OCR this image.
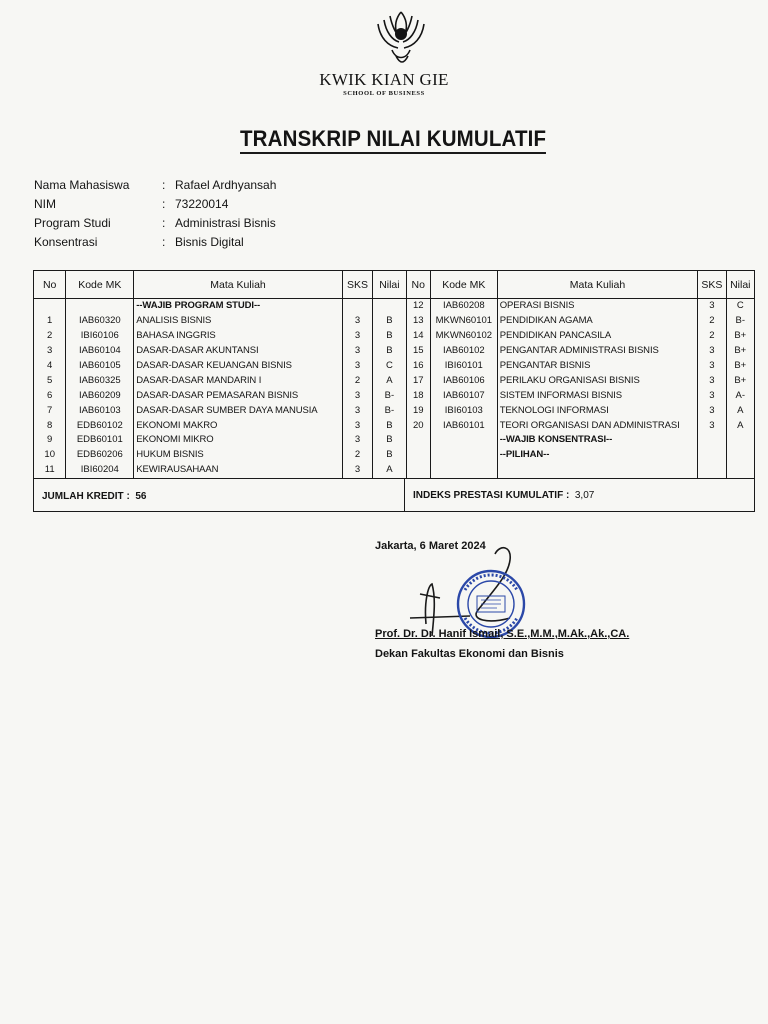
KWIK KIAN GIE
SCHOOL OF BUSINESS
TRANSKRIP NILAI KUMULATIF
Nama Mahasiswa	: Rafael Ardhyansah
NIM	: 73220014
Program Studi	: Administrasi Bisnis
Konsentrasi	: Bisnis Digital
No	Kode MK	Mata Kuliah	SKS	Nilai	No	Kode MK	Mata Kuliah	SKS	Nilai
		--WAJIB PROGRAM STUDI--			12	IAB60208	OPERASI BISNIS	3	C
1	IAB60320	ANALISIS BISNIS	3	B	13	MKWN60101	PENDIDIKAN AGAMA	2	B-
2	IBI60106	BAHASA INGGRIS	3	B	14	MKWN60102	PENDIDIKAN PANCASILA	2	B+
3	IAB60104	DASAR-DASAR AKUNTANSI	3	B	15	IAB60102	PENGANTAR ADMINISTRASI BISNIS	3	B+
4	IAB60105	DASAR-DASAR KEUANGAN BISNIS	3	C	16	IBI60101	PENGANTAR BISNIS	3	B+
5	IAB60325	DASAR-DASAR MANDARIN I	2	A	17	IAB60106	PERILAKU ORGANISASI BISNIS	3	B+
6	IAB60209	DASAR-DASAR PEMASARAN BISNIS	3	B-	18	IAB60107	SISTEM INFORMASI BISNIS	3	A-
7	IAB60103	DASAR-DASAR SUMBER DAYA MANUSIA	3	B-	19	IBI60103	TEKNOLOGI INFORMASI	3	A
8	EDB60102	EKONOMI MAKRO	3	B	20	IAB60101	TEORI ORGANISASI DAN ADMINISTRASI	3	A
9	EDB60101	EKONOMI MIKRO	3	B			--WAJIB KONSENTRASI--		
10	EDB60206	HUKUM BISNIS	2	B			--PILIHAN--		
11	IBI60204	KEWIRAUSAHAAN	3	A					
JUMLAH KREDIT : 56	INDEKS PRESTASI KUMULATIF : 3,07
Jakarta, 6 Maret 2024
Prof. Dr. Dr. Hanif Ismail, S.E.,M.M.,M.Ak.,Ak.,CA.
Dekan Fakultas Ekonomi dan Bisnis
